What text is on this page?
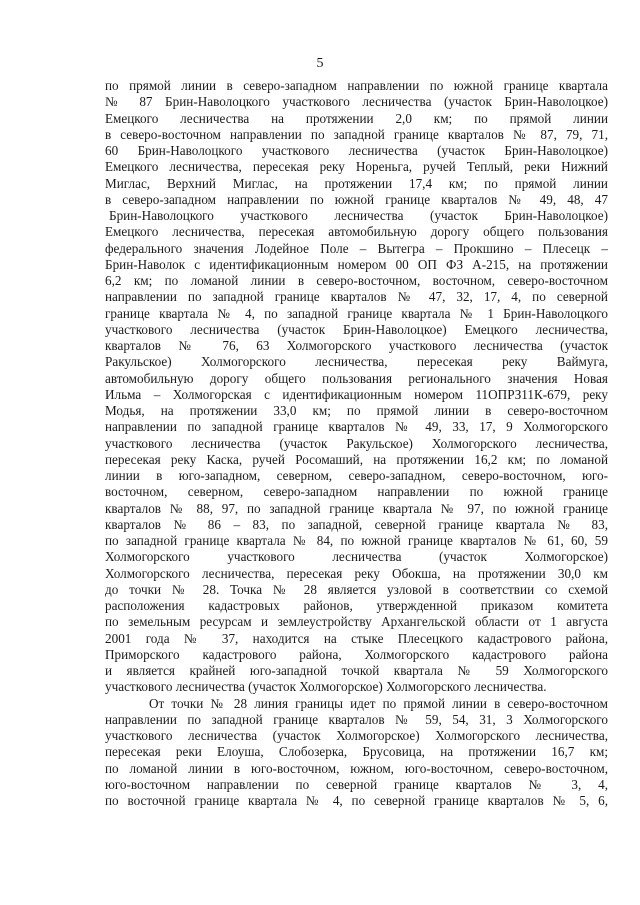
5
по прямой линии в северо-западном направлении по южной границе квартала
№ 87 Брин-Наволоцкого участкового лесничества (участок Брин-Наволоцкое)
Емецкого лесничества на протяжении 2,0 км; по прямой линии
в северо-восточном направлении по западной границе кварталов № 87, 79, 71,
60 Брин-Наволоцкого участкового лесничества (участок Брин-Наволоцкое)
Емецкого лесничества, пересекая реку Нореньга, ручей Теплый, реки Нижний
Миглас, Верхний Миглас, на протяжении 17,4 км; по прямой линии
в северо-западном направлении по южной границе кварталов № 49, 48, 47
Брин-Наволоцкого участкового лесничества (участок Брин-Наволоцкое)
Емецкого лесничества, пересекая автомобильную дорогу общего пользования
федерального значения Лодейное Поле – Вытегра – Прокшино – Плесецк –
Брин-Наволок с идентификационным номером 00 ОП ФЗ А-215, на протяжении
6,2 км; по ломаной линии в северо-восточном, восточном, северо-восточном
направлении по западной границе кварталов № 47, 32, 17, 4, по северной
границе квартала № 4, по западной границе квартала № 1 Брин-Наволоцкого
участкового лесничества (участок Брин-Наволоцкое) Емецкого лесничества,
кварталов № 76, 63 Холмогорского участкового лесничества (участок
Ракульское) Холмогорского лесничества, пересекая реку Ваймуга,
автомобильную дорогу общего пользования регионального значения Новая
Ильма – Холмогорская с идентификационным номером 11ОПРЗ11К-679, реку
Модья, на протяжении 33,0 км; по прямой линии в северо-восточном
направлении по западной границе кварталов № 49, 33, 17, 9 Холмогорского
участкового лесничества (участок Ракульское) Холмогорского лесничества,
пересекая реку Каска, ручей Росомаший, на протяжении 16,2 км; по ломаной
линии в юго-западном, северном, северо-западном, северо-восточном, юго-
восточном, северном, северо-западном направлении по южной границе
кварталов № 88, 97, по западной границе квартала № 97, по южной границе
кварталов № 86 – 83, по западной, северной границе квартала № 83,
по западной границе квартала № 84, по южной границе кварталов № 61, 60, 59
Холмогорского участкового лесничества (участок Холмогорское)
Холмогорского лесничества, пересекая реку Обокша, на протяжении 30,0 км
до точки № 28. Точка № 28 является узловой в соответствии со схемой
расположения кадастровых районов, утвержденной приказом комитета
по земельным ресурсам и землеустройству Архангельской области от 1 августа
2001 года № 37, находится на стыке Плесецкого кадастрового района,
Приморского кадастрового района, Холмогорского кадастрового района
и является крайней юго-западной точкой квартала № 59 Холмогорского
участкового лесничества (участок Холмогорское) Холмогорского лесничества.
От точки № 28 линия границы идет по прямой линии в северо-восточном
направлении по западной границе кварталов № 59, 54, 31, 3 Холмогорского
участкового лесничества (участок Холмогорское) Холмогорского лесничества,
пересекая реки Елоуша, Слобозерка, Брусовица, на протяжении 16,7 км;
по ломаной линии в юго-восточном, южном, юго-восточном, северо-восточном,
юго-восточном направлении по северной границе кварталов № 3, 4,
по восточной границе квартала № 4, по северной границе кварталов № 5, 6,
